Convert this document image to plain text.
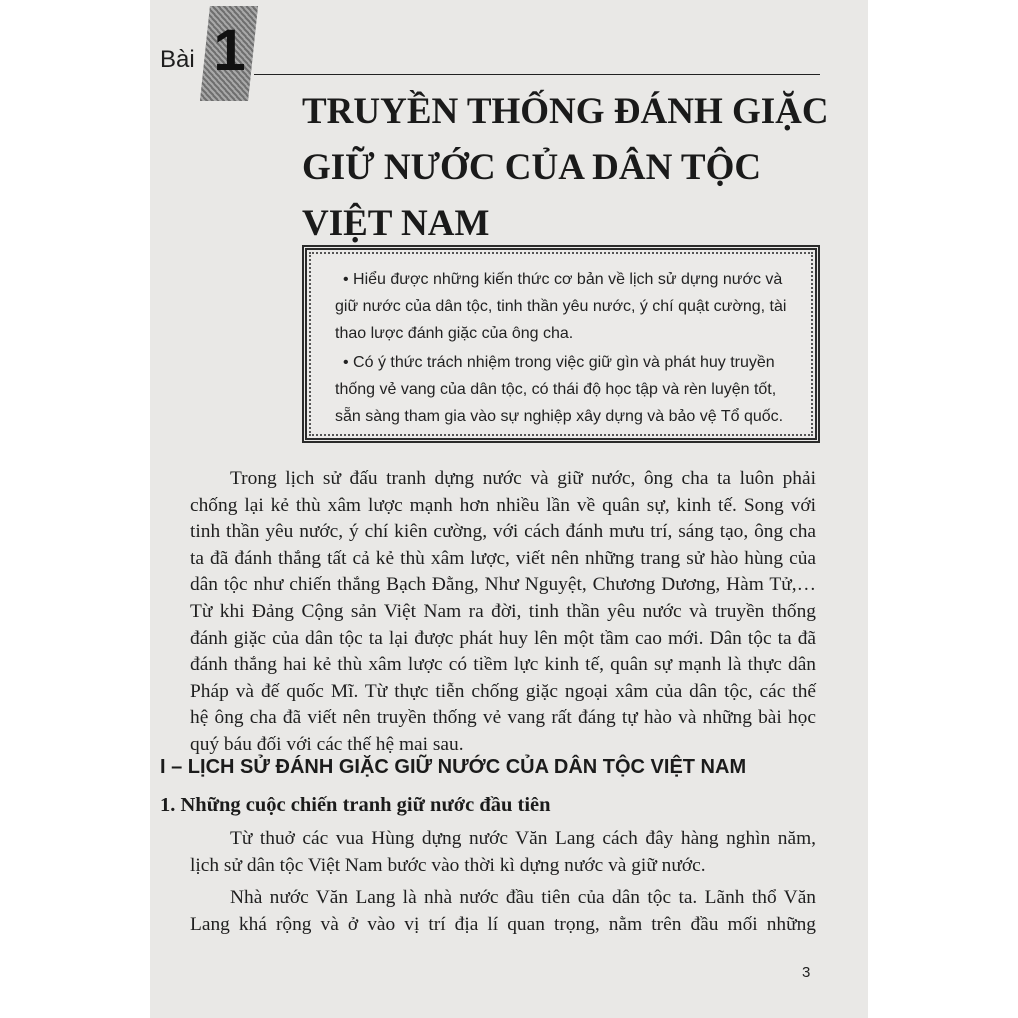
Bài 1
TRUYỀN THỐNG ĐÁNH GIẶC
GIỮ NƯỚC CỦA DÂN TỘC
VIỆT NAM

• Hiểu được những kiến thức cơ bản về lịch sử dựng nước và giữ nước của dân tộc, tinh thần yêu nước, ý chí quật cường, tài thao lược đánh giặc của ông cha.

• Có ý thức trách nhiệm trong việc giữ gìn và phát huy truyền thống vẻ vang của dân tộc, có thái độ học tập và rèn luyện tốt, sẵn sàng tham gia vào sự nghiệp xây dựng và bảo vệ Tổ quốc.

Trong lịch sử đấu tranh dựng nước và giữ nước, ông cha ta luôn phải
chống lại kẻ thù xâm lược mạnh hơn nhiều lần về quân sự, kinh tế. Song với
tinh thần yêu nước, ý chí kiên cường, với cách đánh mưu trí, sáng tạo, ông cha
ta đã đánh thắng tất cả kẻ thù xâm lược, viết nên những trang sử hào hùng của
dân tộc như chiến thắng Bạch Đằng, Như Nguyệt, Chương Dương, Hàm Tử,…
Từ khi Đảng Cộng sản Việt Nam ra đời, tinh thần yêu nước và truyền thống
đánh giặc của dân tộc ta lại được phát huy lên một tầm cao mới. Dân tộc ta đã
đánh thắng hai kẻ thù xâm lược có tiềm lực kinh tế, quân sự mạnh là thực dân
Pháp và đế quốc Mĩ. Từ thực tiễn chống giặc ngoại xâm của dân tộc, các thế
hệ ông cha đã viết nên truyền thống vẻ vang rất đáng tự hào và những bài học
quý báu đối với các thế hệ mai sau.
I – LỊCH SỬ ĐÁNH GIẶC GIỮ NƯỚC CỦA DÂN TỘC VIỆT NAM
1. Những cuộc chiến tranh giữ nước đầu tiên
Từ thuở các vua Hùng dựng nước Văn Lang cách đây hàng nghìn năm,
lịch sử dân tộc Việt Nam bước vào thời kì dựng nước và giữ nước.
Nhà nước Văn Lang là nhà nước đầu tiên của dân tộc ta. Lãnh thổ Văn
Lang khá rộng và ở vào vị trí địa lí quan trọng, nằm trên đầu mối những
3
